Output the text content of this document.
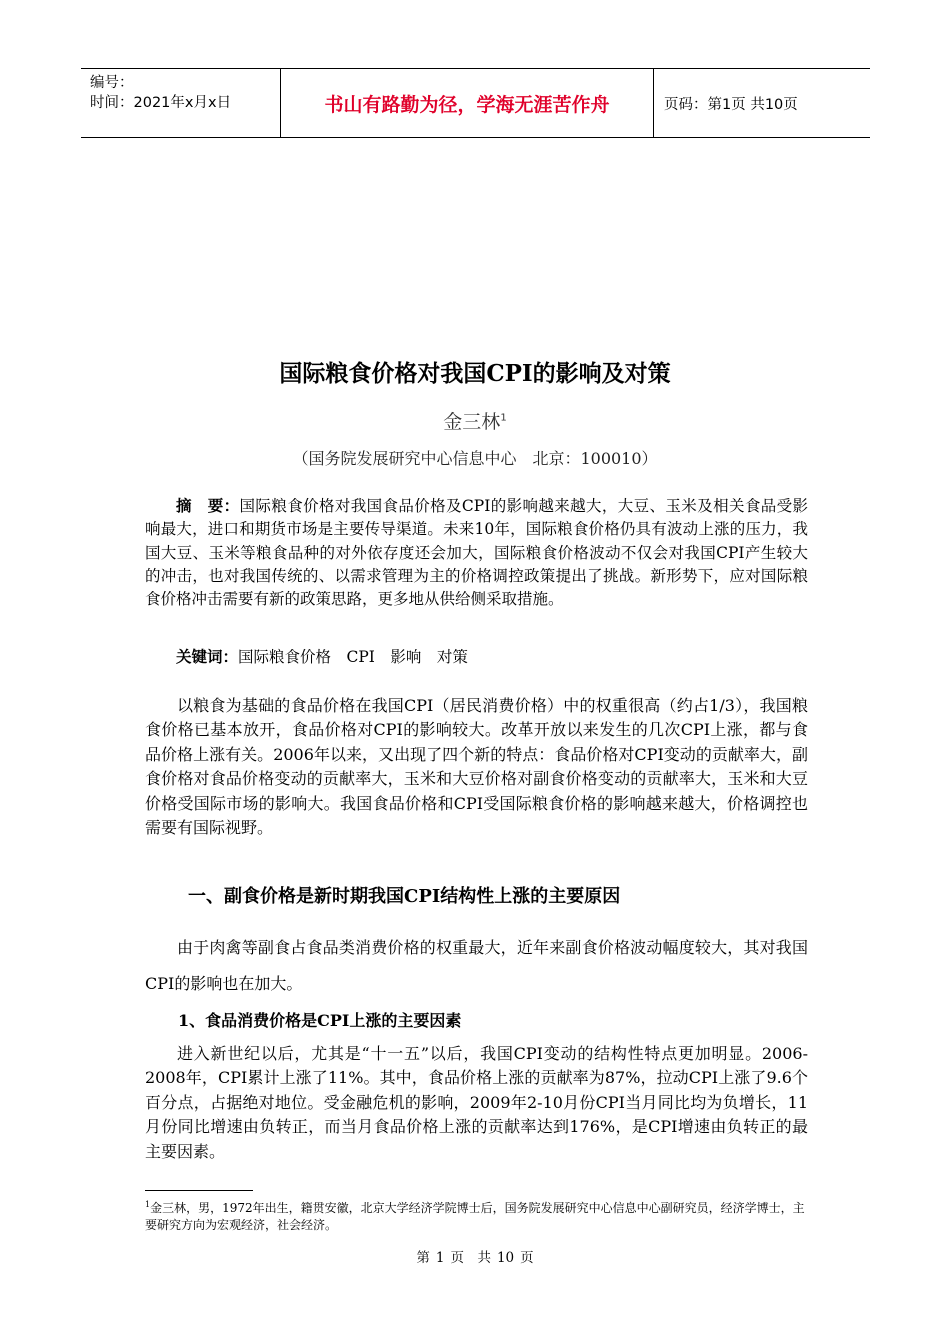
编号：
时间：2021年x月x日	书山有路勤为径，学海无涯苦作舟	页码：第1页 共10页
国际粮食价格对我国CPI的影响及对策
金三林$^1$
（国务院发展研究中心信息中心　北京：100010）
摘　要：国际粮食价格对我国食品价格及CPI的影响越来越大，大豆、玉米及相关食品受影响最大，进口和期货市场是主要传导渠道。未来10年，国际粮食价格仍具有波动上涨的压力，我国大豆、玉米等粮食品种的对外依存度还会加大，国际粮食价格波动不仅会对我国CPI产生较大的冲击，也对我国传统的、以需求管理为主的价格调控政策提出了挑战。新形势下，应对国际粮食价格冲击需要有新的政策思路，更多地从供给侧采取措施。
关键词：国际粮食价格　CPI　影响　对策
以粮食为基础的食品价格在我国CPI（居民消费价格）中的权重很高（约占1/3），我国粮食价格已基本放开，食品价格对CPI的影响较大。改革开放以来发生的几次CPI上涨，都与食品价格上涨有关。2006年以来，又出现了四个新的特点：食品价格对CPI变动的贡献率大，副食价格对食品价格变动的贡献率大，玉米和大豆价格对副食价格变动的贡献率大，玉米和大豆价格受国际市场的影响大。我国食品价格和CPI受国际粮食价格的影响越来越大，价格调控也需要有国际视野。
一、副食价格是新时期我国CPI结构性上涨的主要原因
由于肉禽等副食占食品类消费价格的权重最大，近年来副食价格波动幅度较大，其对我国CPI的影响也在加大。
1、食品消费价格是CPI上涨的主要因素
进入新世纪以后，尤其是“十一五”以后，我国CPI变动的结构性特点更加明显。2006-2008年，CPI累计上涨了11%。其中，食品价格上涨的贡献率为87%，拉动CPI上涨了9.6个百分点，占据绝对地位。受金融危机的影响，2009年2-10月份CPI当月同比均为负增长，11月份同比增速由负转正，而当月食品价格上涨的贡献率达到176%，是CPI增速由负转正的最主要因素。
$^1$金三林，男，1972年出生，籍贯安徽，北京大学经济学院博士后，国务院发展研究中心信息中心副研究员，经济学博士，主要研究方向为宏观经济，社会经济。
第 1 页　共 10 页
